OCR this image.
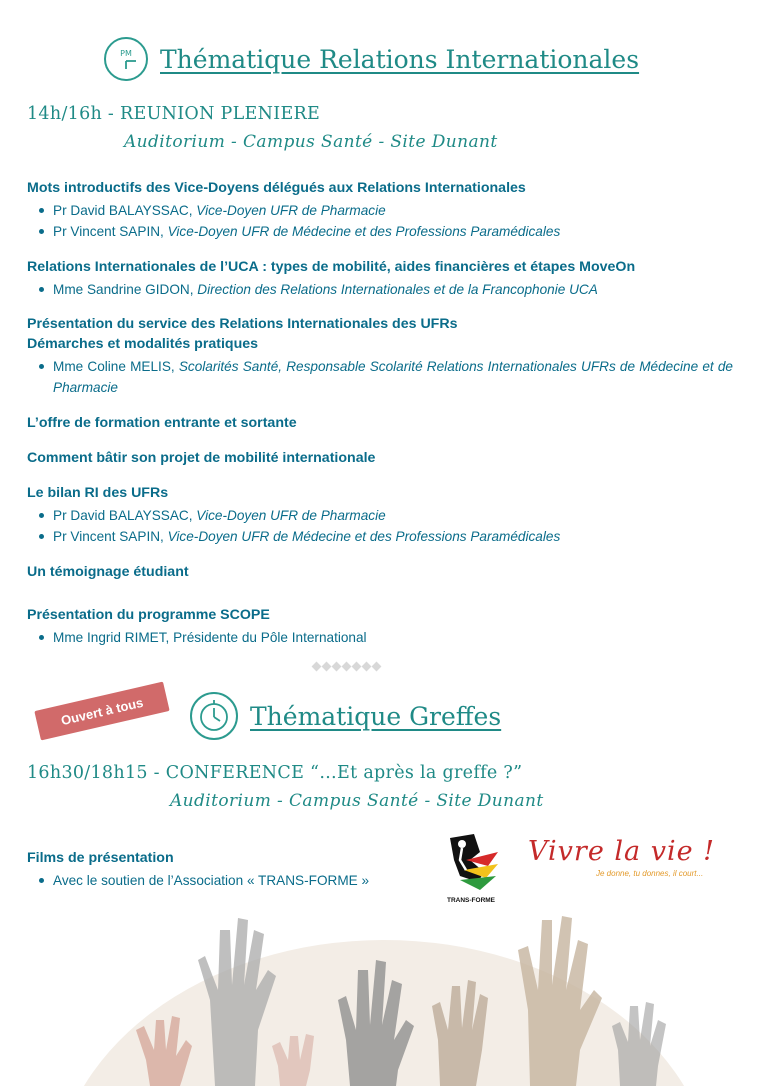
PM Thématique Relations Internationales
14h/16h - REUNION PLENIERE
Auditorium - Campus Santé - Site Dunant
Mots introductifs des Vice-Doyens délégués aux Relations Internationales
Pr David BALAYSSAC, Vice-Doyen UFR de Pharmacie
Pr Vincent SAPIN, Vice-Doyen UFR de Médecine et des Professions Paramédicales
Relations Internationales de l’UCA : types de mobilité, aides financières et étapes MoveOn
Mme Sandrine GIDON, Direction des Relations Internationales et de la Francophonie UCA
Présentation du service des Relations Internationales des UFRs
Démarches et modalités pratiques
Mme Coline MELIS, Scolarités Santé, Responsable Scolarité Relations Internationales UFRs de Médecine et de Pharmacie
L’offre de formation entrante et sortante
Comment bâtir son projet de mobilité internationale
Le bilan RI des UFRs
Pr David BALAYSSAC, Vice-Doyen UFR de Pharmacie
Pr Vincent SAPIN, Vice-Doyen UFR de Médecine et des Professions Paramédicales
Un témoignage étudiant
Présentation du programme SCOPE
Mme Ingrid RIMET, Présidente du Pôle International
Ouvert à tous	Thématique Greffes
16h30/18h15 - CONFERENCE “…Et après la greffe ?”
Auditorium - Campus Santé - Site Dunant
Films de présentation
Avec le soutien de l’Association « TRANS-FORME »
TRANS-FORME
Vivre la vie !
Je donne, tu donnes, il court...
